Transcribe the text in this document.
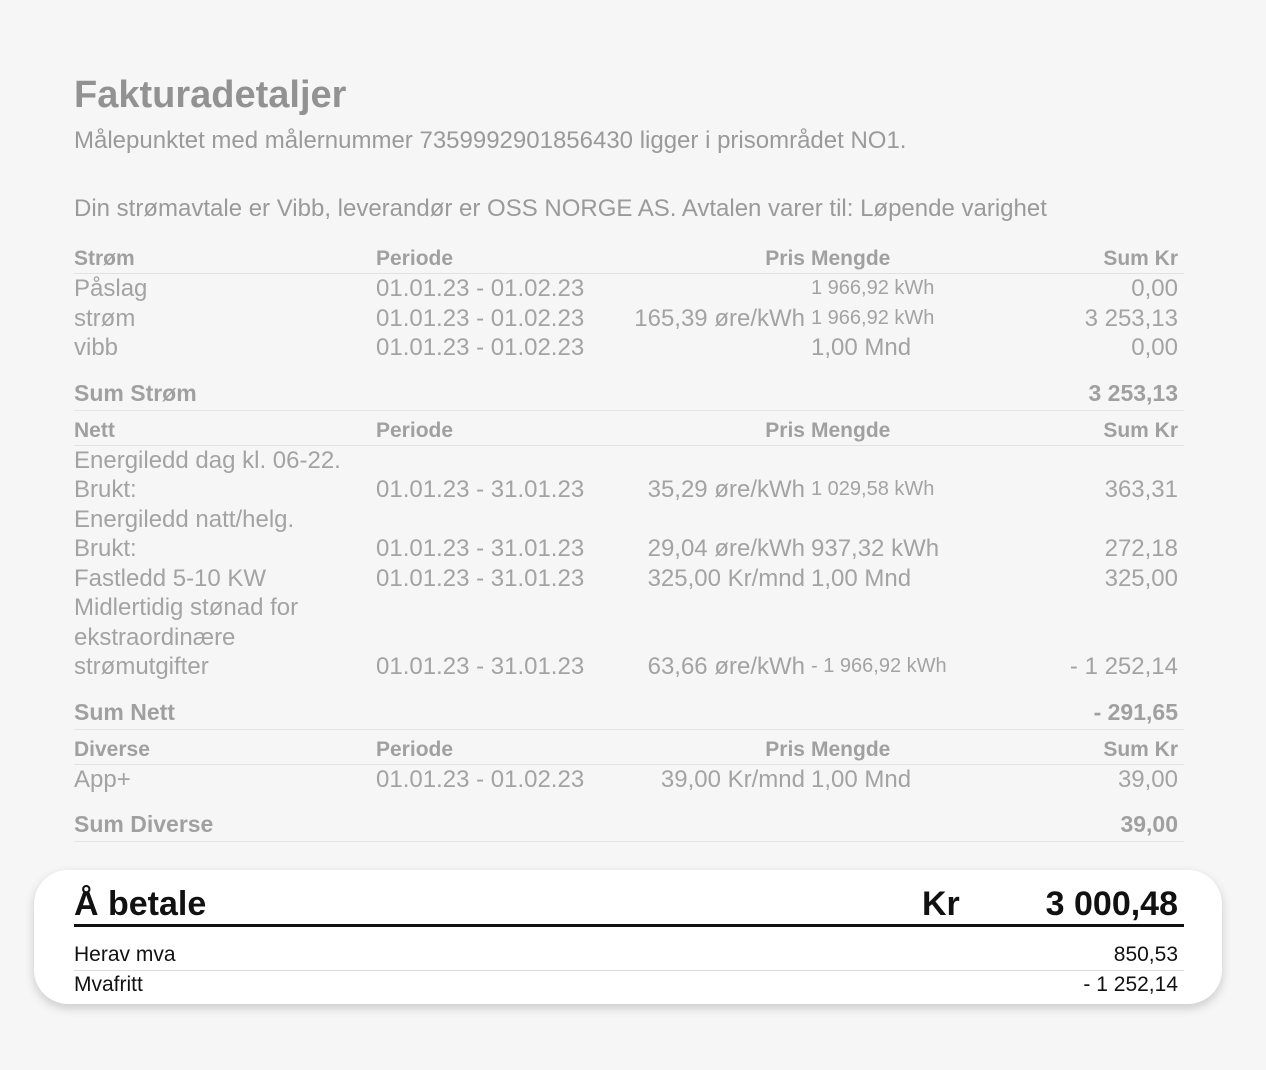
Fakturadetaljer

Målepunktet med målernummer 7359992901856430 ligger i prisområdet NO1.

Din strømavtale er Vibb, leverandør er OSS NORGE AS. Avtalen varer til: Løpende varighet

Strøm	Periode	Pris	Mengde	Sum Kr
Påslag	01.01.23 - 01.02.23		1 966,92 kWh	0,00
strøm	01.01.23 - 01.02.23	165,39 øre/kWh	1 966,92 kWh	3 253,13
vibb	01.01.23 - 01.02.23		1,00 Mnd	0,00
Sum Strøm				3 253,13
Nett	Periode	Pris	Mengde	Sum Kr
Energiledd dag kl. 06-22.				
Brukt:	01.01.23 - 31.01.23	35,29 øre/kWh	1 029,58 kWh	363,31
Energiledd natt/helg.				
Brukt:	01.01.23 - 31.01.23	29,04 øre/kWh	937,32 kWh	272,18
Fastledd 5-10 KW	01.01.23 - 31.01.23	325,00 Kr/mnd	1,00 Mnd	325,00
Midlertidig stønad for				
ekstraordinære				
strømutgifter	01.01.23 - 31.01.23	63,66 øre/kWh	- 1 966,92 kWh	- 1 252,14
Sum Nett				- 291,65
Diverse	Periode	Pris	Mengde	Sum Kr
App+	01.01.23 - 01.02.23	39,00 Kr/mnd	1,00 Mnd	39,00
Sum Diverse				39,00
Å betale	Kr	3 000,48
Herav mva	850,53
Mvafritt	- 1 252,14
